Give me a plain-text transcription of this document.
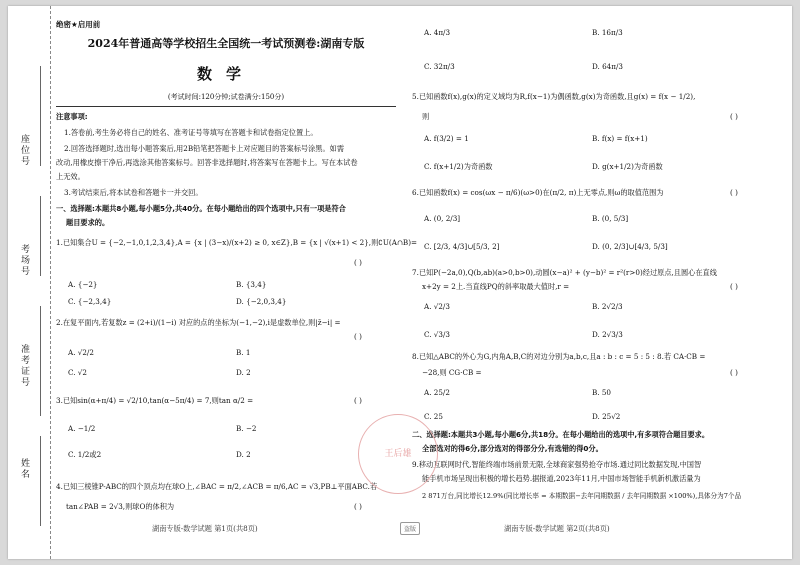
座位号
考场号
准考证号
姓名
绝密★启用前
2024年普通高等学校招生全国统一考试预测卷:湖南专版
数学
(考试时间:120分钟;试卷满分:150分)
注意事项:
1.答卷前,考生务必将自己的姓名、准考证号等填写在答题卡和试卷指定位置上。
2.回答选择题时,选出每小题答案后,用2B铅笔把答题卡上对应题目的答案标号涂黑。如需
改动,用橡皮擦干净后,再选涂其他答案标号。回答非选择题时,将答案写在答题卡上。写在本试卷
上无效。
3.考试结束后,将本试卷和答题卡一并交回。
一、选择题:本题共8小题,每小题5分,共40分。在每小题给出的四个选项中,只有一项是符合
题目要求的。
1.已知集合U = {−2,−1,0,1,2,3,4},A = {x | (3−x)/(x+2) ≥ 0, x∈Z},B = {x | √(x+1) < 2},则∁U(A∩B)=
( )
A. {−2}	B. {3,4}
C. {−2,3,4}	D. {−2,0,3,4}
2.在复平面内,若复数z = (2+i)/(1−i) 对应的点的坐标为(−1,−2),i是虚数单位,则|z̄−i| =
( )
A. √2/2	B. 1
C. √2	D. 2
3.已知sin(α+π/4) = √2/10,tan(α−5π/4) = 7,则tan α/2 =	( )
A. −1/2	B. −2
C. 1/2或2	D. 2
4.已知三棱锥P-ABC的四个顶点均在球O上,∠BAC = π/2,∠ACB = π/6,AC = √3,PB⊥平面ABC.若
tan∠PAB = 2√3,则球O的体积为	( )
湖南专版-数学试题 第1页(共8页)
A. 4π/3	B. 16π/3
C. 32π/3	D. 64π/3
5.已知函数f(x),g(x)的定义域均为R,f(x−1)为偶函数,g(x)为奇函数,且g(x) = f(x − 1/2),
则	( )
A. f(3/2) = 1	B. f(x) = f(x+1)
C. f(x+1/2)为奇函数	D. g(x+1/2)为奇函数
6.已知函数f(x) = cos(ωx − π/6)(ω>0)在(π/2, π)上无零点,则ω的取值范围为	( )
A. (0, 2/3]	B. (0, 5/3]
C. [2/3, 4/3]∪[5/3, 2]	D. (0, 2/3]∪[4/3, 5/3]
7.已知P(−2a,0),Q(b,ab)(a>0,b>0),动圆(x−a)² + (y−b)² = r²(r>0)经过原点,且圆心在直线
x+2y = 2上.当直线PQ的斜率取最大值时,r =	( )
A. √2/3	B. 2√2/3
C. √3/3	D. 2√3/3
8.已知△ABC的外心为G,内角A,B,C的对边分别为a,b,c,且a : b : c = 5 : 5 : 8.若 CA·CB =
−28,则 CG·CB =	( )
A. 25/2	B. 50
C. 25	D. 25√2
二、选择题:本题共3小题,每小题6分,共18分。在每小题给出的选项中,有多项符合题目要求。
全部选对的得6分,部分选对的得部分分,有选错的得0分。
9.移动互联网时代,智能终端市场前景无限,全球商家强势抢夺市场.通过同比数据发现,中国智
能手机市场呈现出积极的增长趋势.据报道,2023年11月,中国市场智能手机新机激活量为
2 871万台,同比增长12.9%(同比增长率 = 本期数据−去年同期数据 / 去年同期数据 ×100%),具体分为7个品
湖南专版-数学试题 第2页(共8页)
王后雄
盗版
